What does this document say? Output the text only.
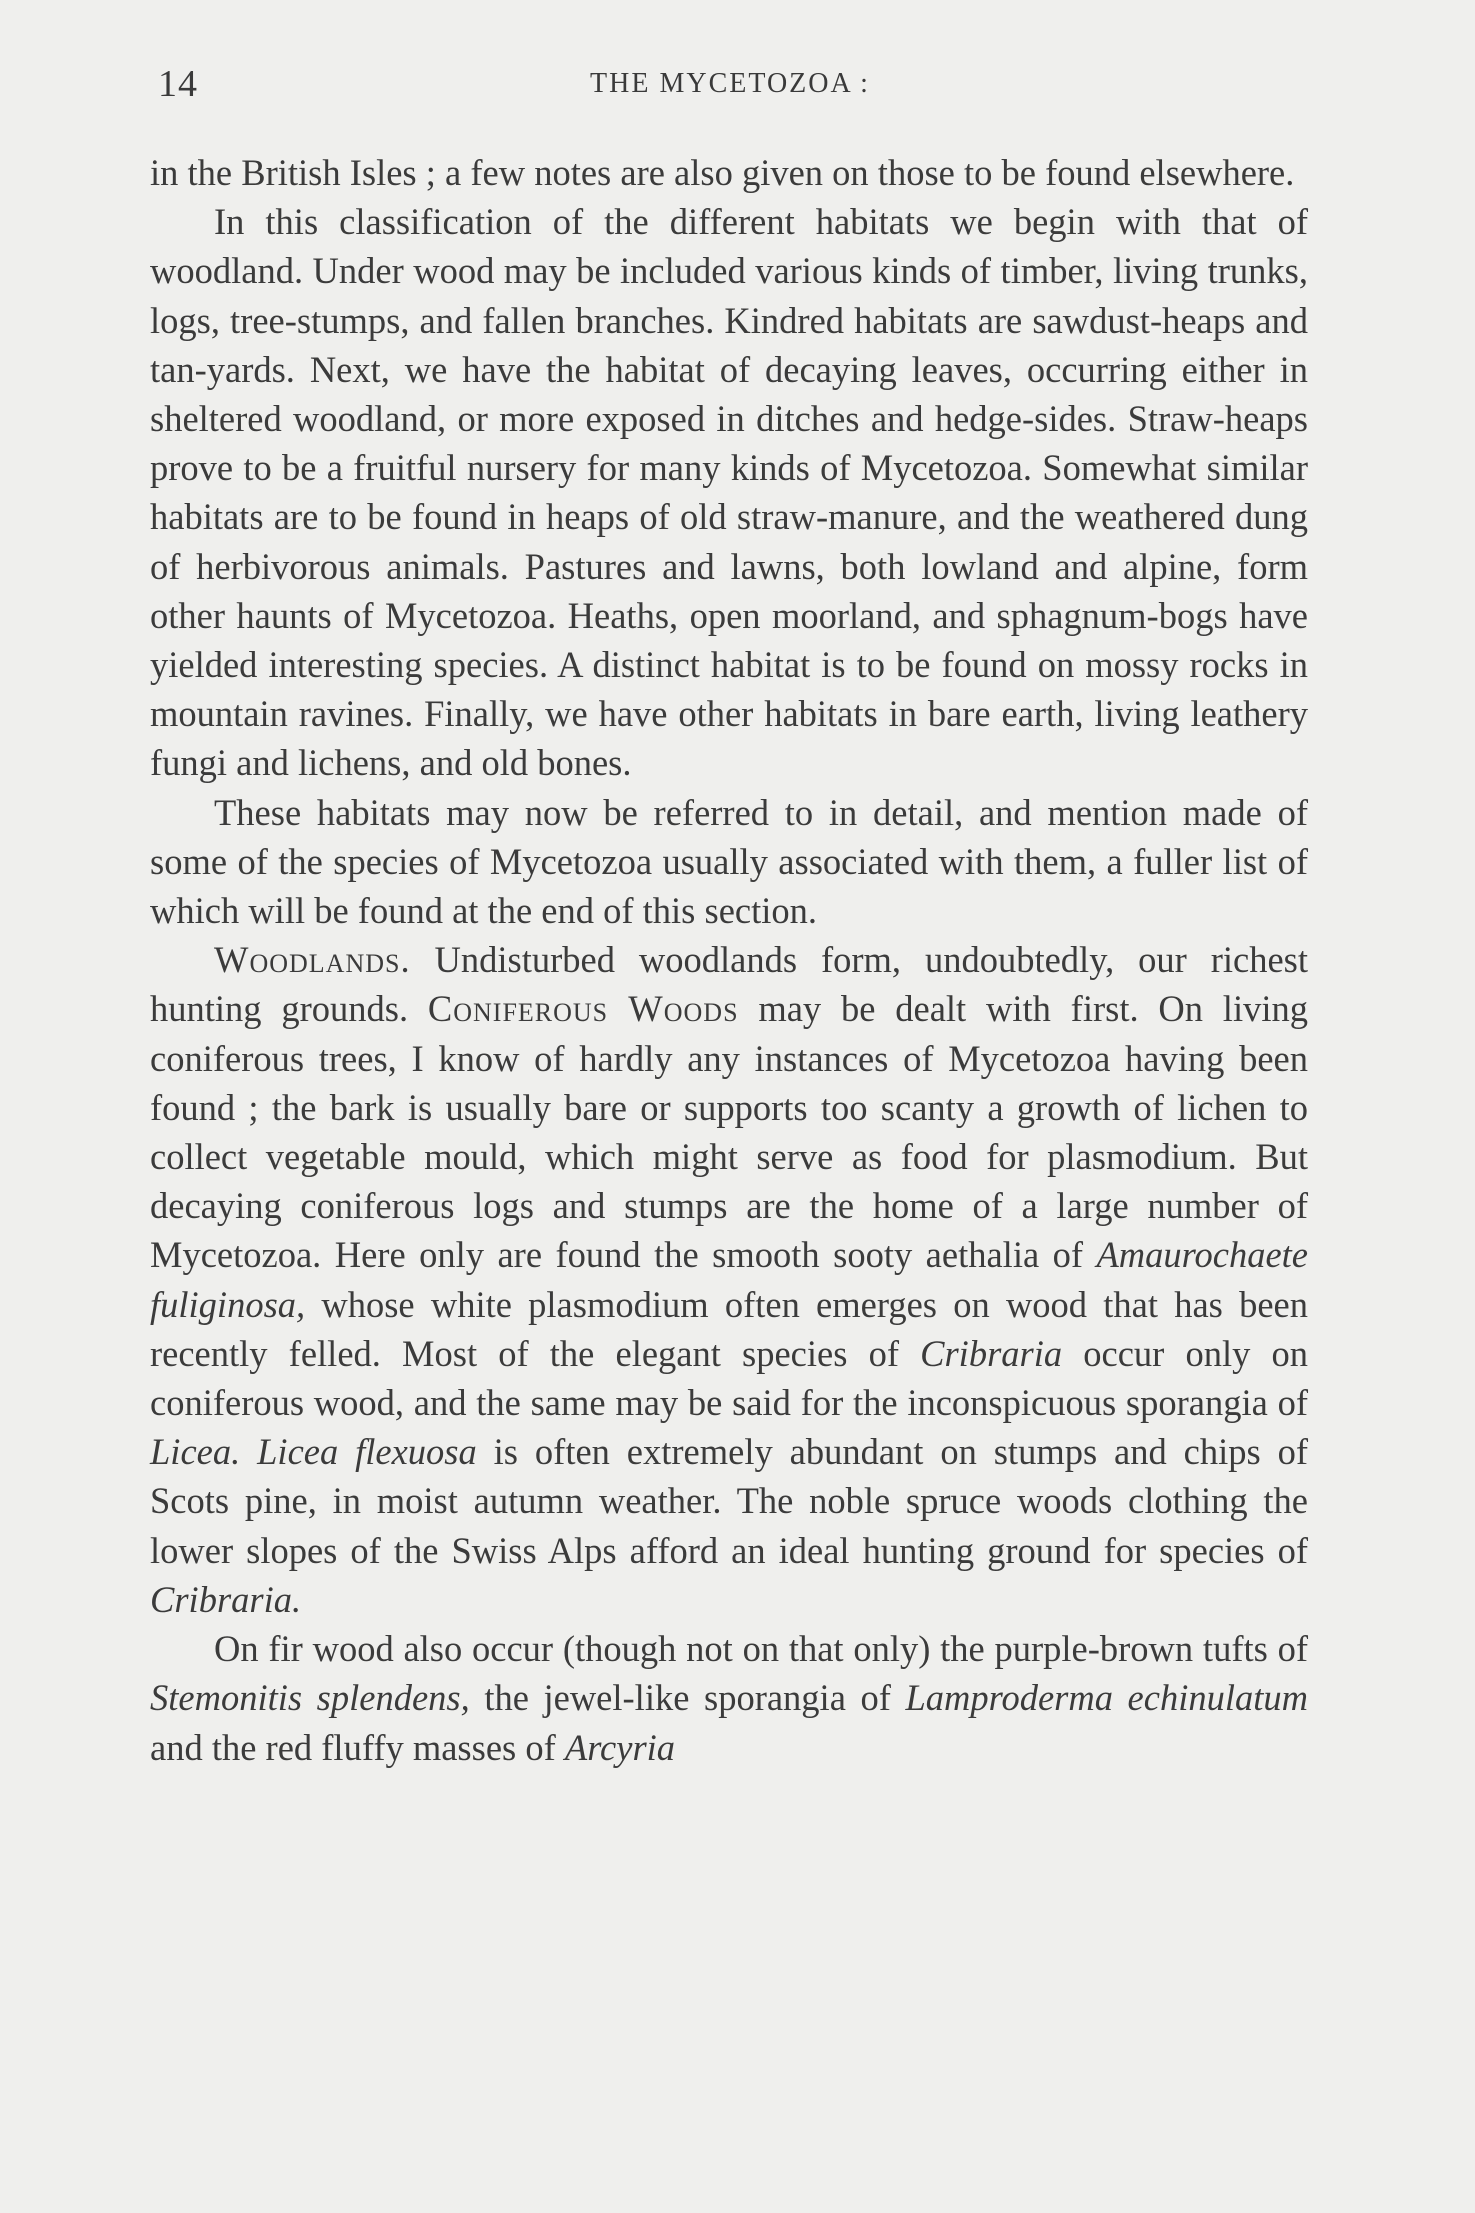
14	THE MYCETOZOA :

in the British Isles ; a few notes are also given on those to be found elsewhere.

In this classification of the different habitats we begin with that of woodland. Under wood may be included various kinds of timber, living trunks, logs, tree-stumps, and fallen branches. Kindred habitats are sawdust-heaps and tan-yards. Next, we have the habitat of decaying leaves, occurring either in sheltered woodland, or more exposed in ditches and hedge-sides. Straw-heaps prove to be a fruitful nursery for many kinds of Mycetozoa. Somewhat similar habitats are to be found in heaps of old straw-manure, and the weathered dung of herbivorous animals. Pastures and lawns, both lowland and alpine, form other haunts of Mycetozoa. Heaths, open moorland, and sphagnum-bogs have yielded interesting species. A distinct habitat is to be found on mossy rocks in mountain ravines. Finally, we have other habitats in bare earth, living leathery fungi and lichens, and old bones.

These habitats may now be referred to in detail, and mention made of some of the species of Mycetozoa usually associated with them, a fuller list of which will be found at the end of this section.

Woodlands. Undisturbed woodlands form, undoubtedly, our richest hunting grounds. Coniferous Woods may be dealt with first. On living coniferous trees, I know of hardly any instances of Mycetozoa having been found ; the bark is usually bare or supports too scanty a growth of lichen to collect vegetable mould, which might serve as food for plasmodium. But decaying coniferous logs and stumps are the home of a large number of Mycetozoa. Here only are found the smooth sooty aethalia of Amaurochaete fuliginosa, whose white plasmodium often emerges on wood that has been recently felled. Most of the elegant species of Cribraria occur only on coniferous wood, and the same may be said for the inconspicuous sporangia of Licea. Licea flexuosa is often extremely abundant on stumps and chips of Scots pine, in moist autumn weather. The noble spruce woods clothing the lower slopes of the Swiss Alps afford an ideal hunting ground for species of Cribraria.

On fir wood also occur (though not on that only) the purple-brown tufts of Stemonitis splendens, the jewel-like sporangia of Lamproderma echinulatum and the red fluffy masses of Arcyria
